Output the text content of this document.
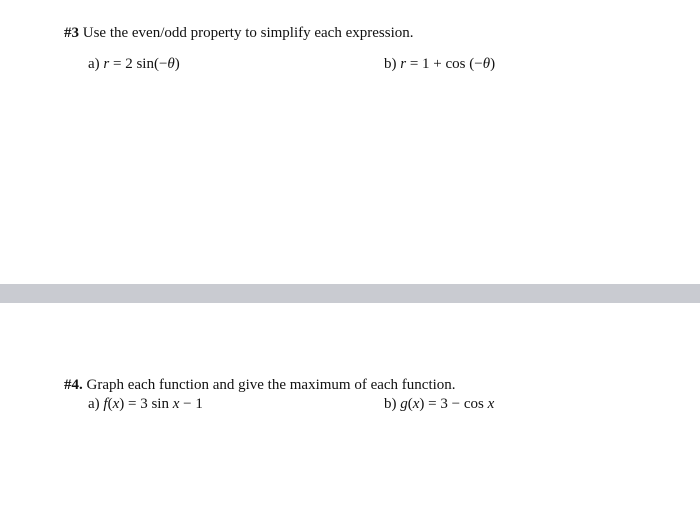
#3 Use the even/odd property to simplify each expression.
a) r = 2 sin(−θ)	b) r = 1 + cos (−θ)
#4. Graph each function and give the maximum of each function.
a) f(x) = 3 sin x − 1	b) g(x) = 3 − cos x
